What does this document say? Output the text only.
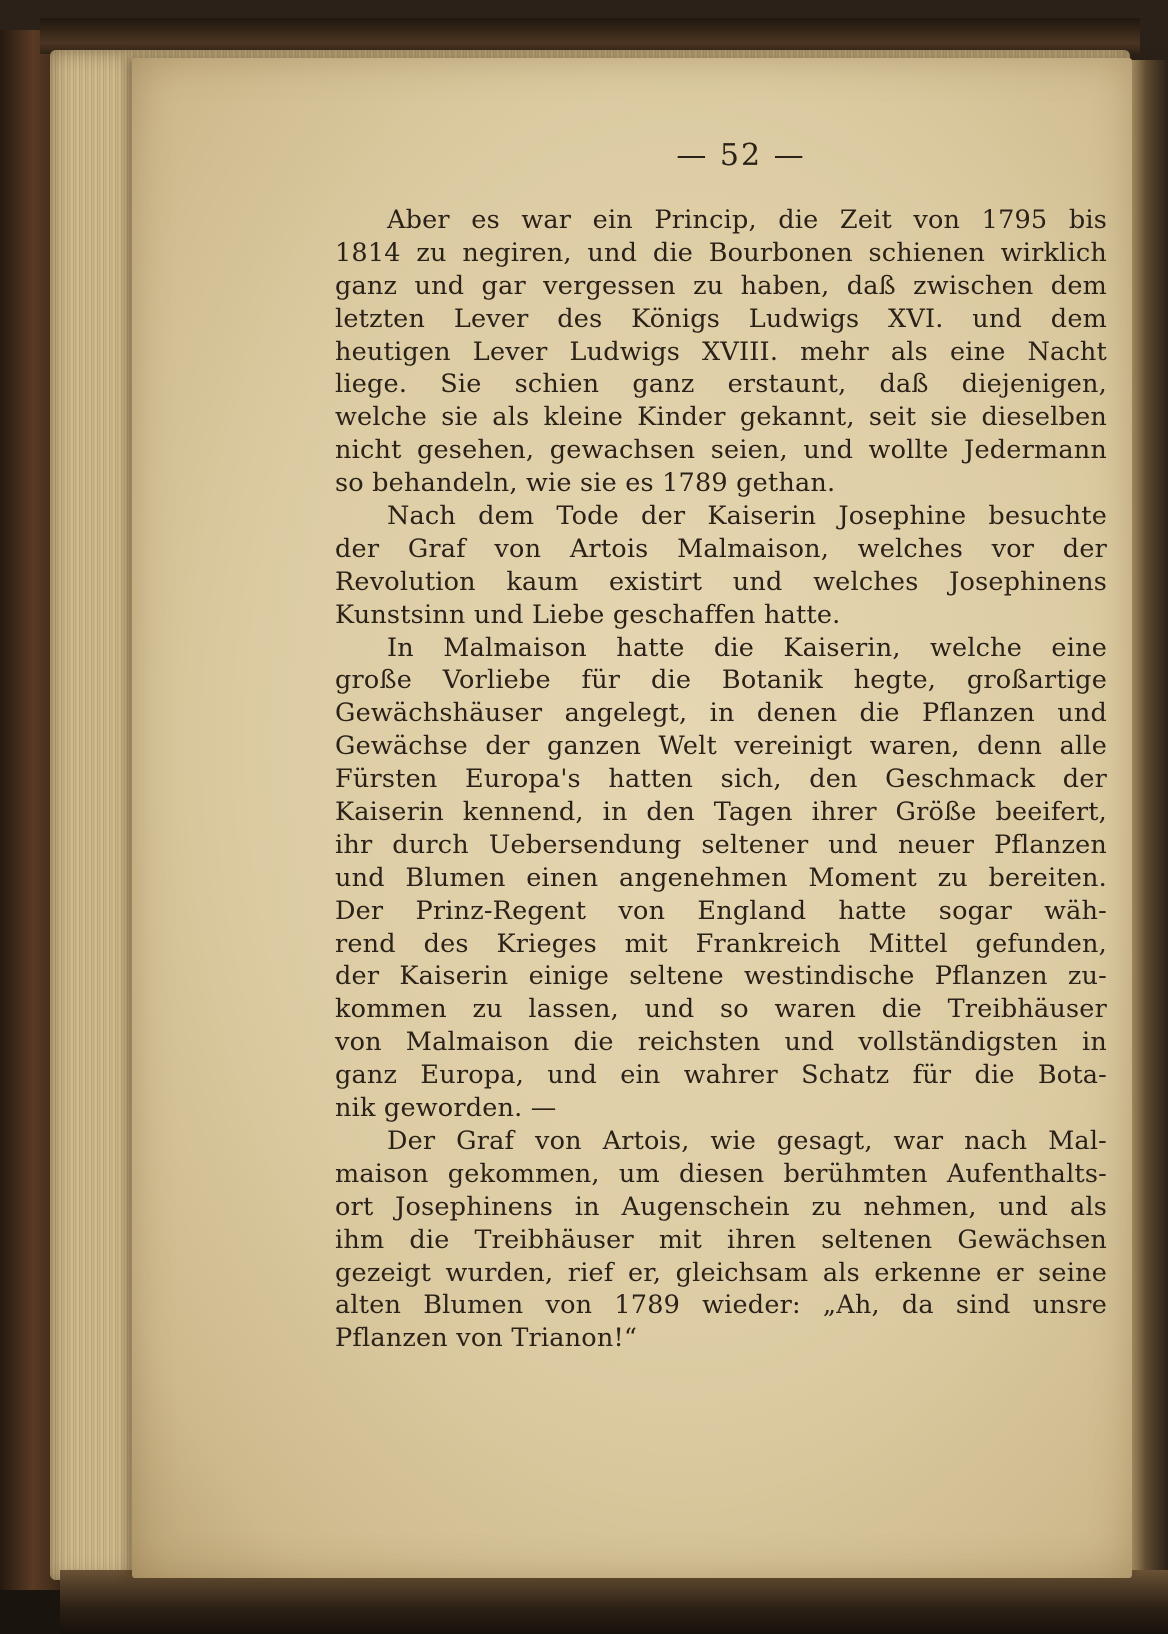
— 52 —
Aber es war ein Princip, die Zeit von 1795 bis
1814 zu negiren, und die Bourbonen schienen wirklich
ganz und gar vergessen zu haben, daß zwischen dem
letzten Lever des Königs Ludwigs XVI. und dem
heutigen Lever Ludwigs XVIII. mehr als eine Nacht
liege. Sie schien ganz erstaunt, daß diejenigen,
welche sie als kleine Kinder gekannt, seit sie dieselben
nicht gesehen, gewachsen seien, und wollte Jedermann
so behandeln, wie sie es 1789 gethan.
Nach dem Tode der Kaiserin Josephine besuchte
der Graf von Artois Malmaison, welches vor der
Revolution kaum existirt und welches Josephinens
Kunstsinn und Liebe geschaffen hatte.
In Malmaison hatte die Kaiserin, welche eine
große Vorliebe für die Botanik hegte, großartige
Gewächshäuser angelegt, in denen die Pflanzen und
Gewächse der ganzen Welt vereinigt waren, denn alle
Fürsten Europa's hatten sich, den Geschmack der
Kaiserin kennend, in den Tagen ihrer Größe beeifert,
ihr durch Uebersendung seltener und neuer Pflanzen
und Blumen einen angenehmen Moment zu bereiten.
Der Prinz-Regent von England hatte sogar wäh-
rend des Krieges mit Frankreich Mittel gefunden,
der Kaiserin einige seltene westindische Pflanzen zu-
kommen zu lassen, und so waren die Treibhäuser
von Malmaison die reichsten und vollständigsten in
ganz Europa, und ein wahrer Schatz für die Bota-
nik geworden. —
Der Graf von Artois, wie gesagt, war nach Mal-
maison gekommen, um diesen berühmten Aufenthalts-
ort Josephinens in Augenschein zu nehmen, und als
ihm die Treibhäuser mit ihren seltenen Gewächsen
gezeigt wurden, rief er, gleichsam als erkenne er seine
alten Blumen von 1789 wieder: „Ah, da sind unsre
Pflanzen von Trianon!“
